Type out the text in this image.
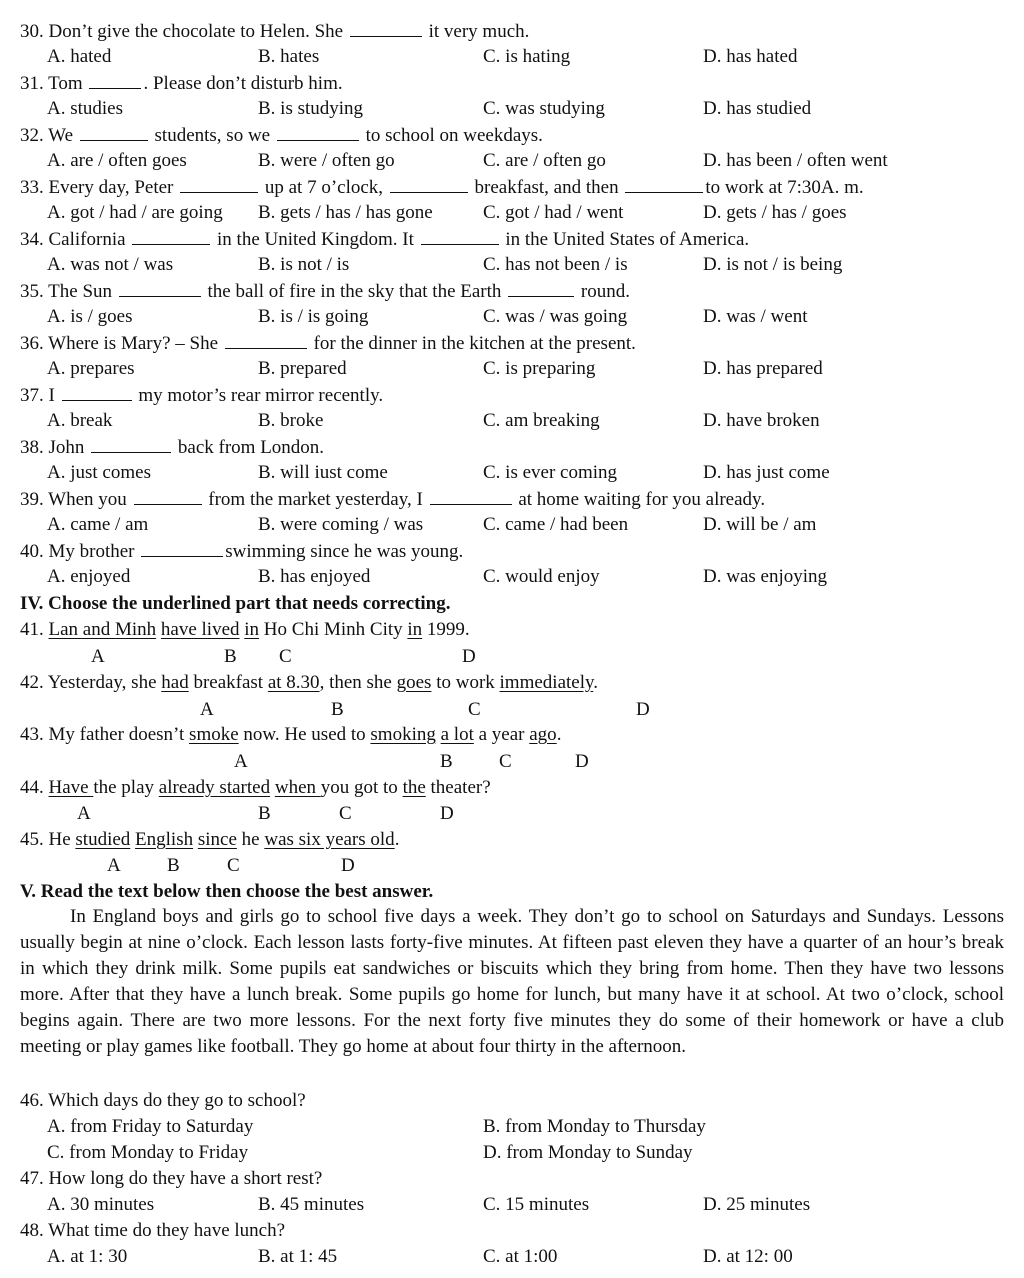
30. Don’t give the chocolate to Helen. She	it very much.
A. hated	B. hates	C. is hating	D. has hated
31. Tom	. Please don’t disturb him.
A. studies	B. is studying	C. was studying	D. has studied
32. We	students, so we	to school on weekdays.
A. are / often goes	B. were / often go	C. are / often go	D. has been / often went
33. Every day, Peter	up at 7 o’clock,	breakfast, and then	to work at 7:30A. m.
A. got / had / are going B. gets / has / has gone	C. got / had / went	D. gets / has / goes
34. California	in the United Kingdom. It	in the United States of America.
A. was not / was	B. is not / is	C. has not been / is	D. is not / is being
35. The Sun	the ball of fire in the sky that the Earth	round.
A. is / goes	B. is / is going	C. was / was going	D. was / went
36. Where is Mary? – She	for the dinner in the kitchen at the present.
A. prepares	B. prepared	C. is preparing	D. has prepared
37. I	my motor’s rear mirror recently.
A. break	B. broke	C. am breaking	D. have broken
38. John	back from London.
A. just comes	B. will iust come	C. is ever coming	D. has just come
39. When you	from the market yesterday, I	at home waiting for you already.
A. came / am	B. were coming / was	C. came / had been	D. will be / am
40. My brother	swimming since he was young.
A. enjoyed	B. has enjoyed	C. would enjoy	D. was enjoying
IV. Choose the underlined part that needs correcting.
41. Lan and Minh have lived in Ho Chi Minh City in 1999.
A	B C	D
42. Yesterday, she had breakfast at 8.30, then she goes to work immediately.
A	B	C	D
43. My father doesn’t smoke now. He used to smoking a lot a year ago.
A	B C	D
44. Have the play already started when you got to the theater?
A	B	C	D
45. He studied English since he was six years old.
A B C	D
V. Read the text below then choose the best answer.
In England boys and girls go to school five days a week. They don’t go to school on Saturdays and Sundays. Lessons usually begin at nine o’clock. Each lesson lasts forty-five minutes. At fifteen past eleven they have a quarter of an hour’s break in which they drink milk. Some pupils eat sandwiches or biscuits which they bring from home. Then they have two lessons more. After that they have a lunch break. Some pupils go home for lunch, but many have it at school. At two o’clock, school begins again. There are two more lessons. For the next forty five minutes they do some of their homework or have a club meeting or play games like football. They go home at about four thirty in the afternoon.
46. Which days do they go to school?
A. from Friday to Saturday	B. from Monday to Thursday
C. from Monday to Friday	D. from Monday to Sunday
47. How long do they have a short rest?
A. 30 minutes	B. 45 minutes	C. 15 minutes	D. 25 minutes
48. What time do they have lunch?
A. at 1: 30	B. at 1: 45	C. at 1:00	D. at 12: 00
